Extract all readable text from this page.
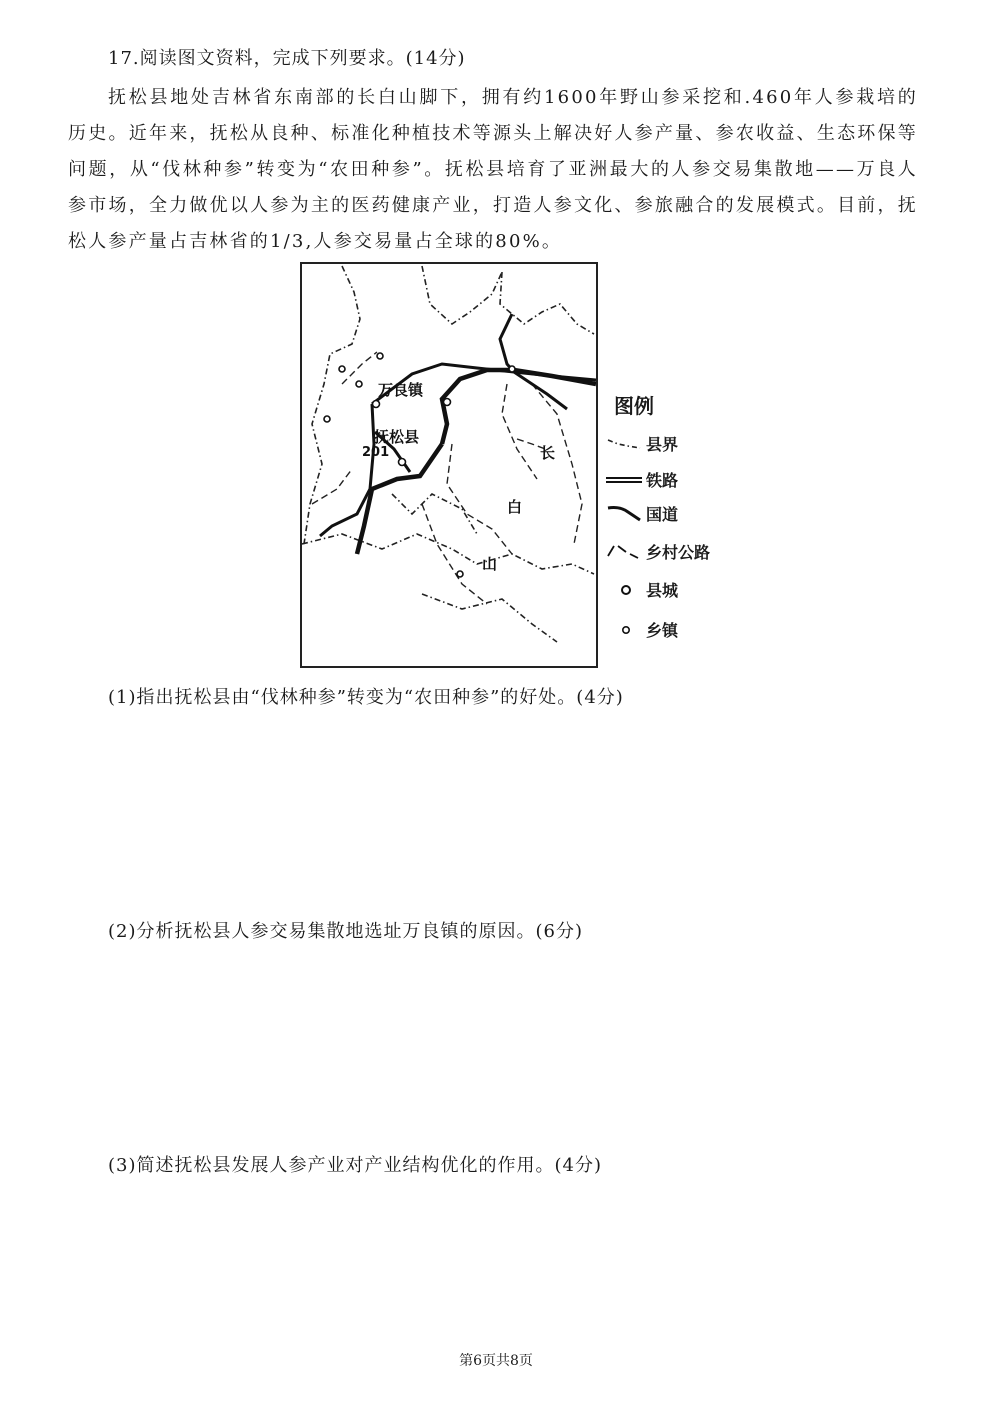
17.阅读图文资料，完成下列要求。(14分)
抚松县地处吉林省东南部的长白山脚下，拥有约1600年野山参采挖和.460年人参栽培的历史。近年来，抚松从良种、标准化种植技术等源头上解决好人参产量、参农收益、生态环保等问题，从“伐林种参”转变为“农田种参”。抚松县培育了亚洲最大的人参交易集散地——万良人参市场，全力做优以人参为主的医药健康产业，打造人参文化、参旅融合的发展模式。目前，抚松人参产量占吉林省的1/3,人参交易量占全球的80%。
万良镇
抚松县
201	长
白
山
图例
县界
铁路
国道
乡村公路
县城
乡镇
(1)指出抚松县由“伐林种参”转变为“农田种参”的好处。(4分)
(2)分析抚松县人参交易集散地选址万良镇的原因。(6分)
(3)简述抚松县发展人参产业对产业结构优化的作用。(4分)
第6页共8页
